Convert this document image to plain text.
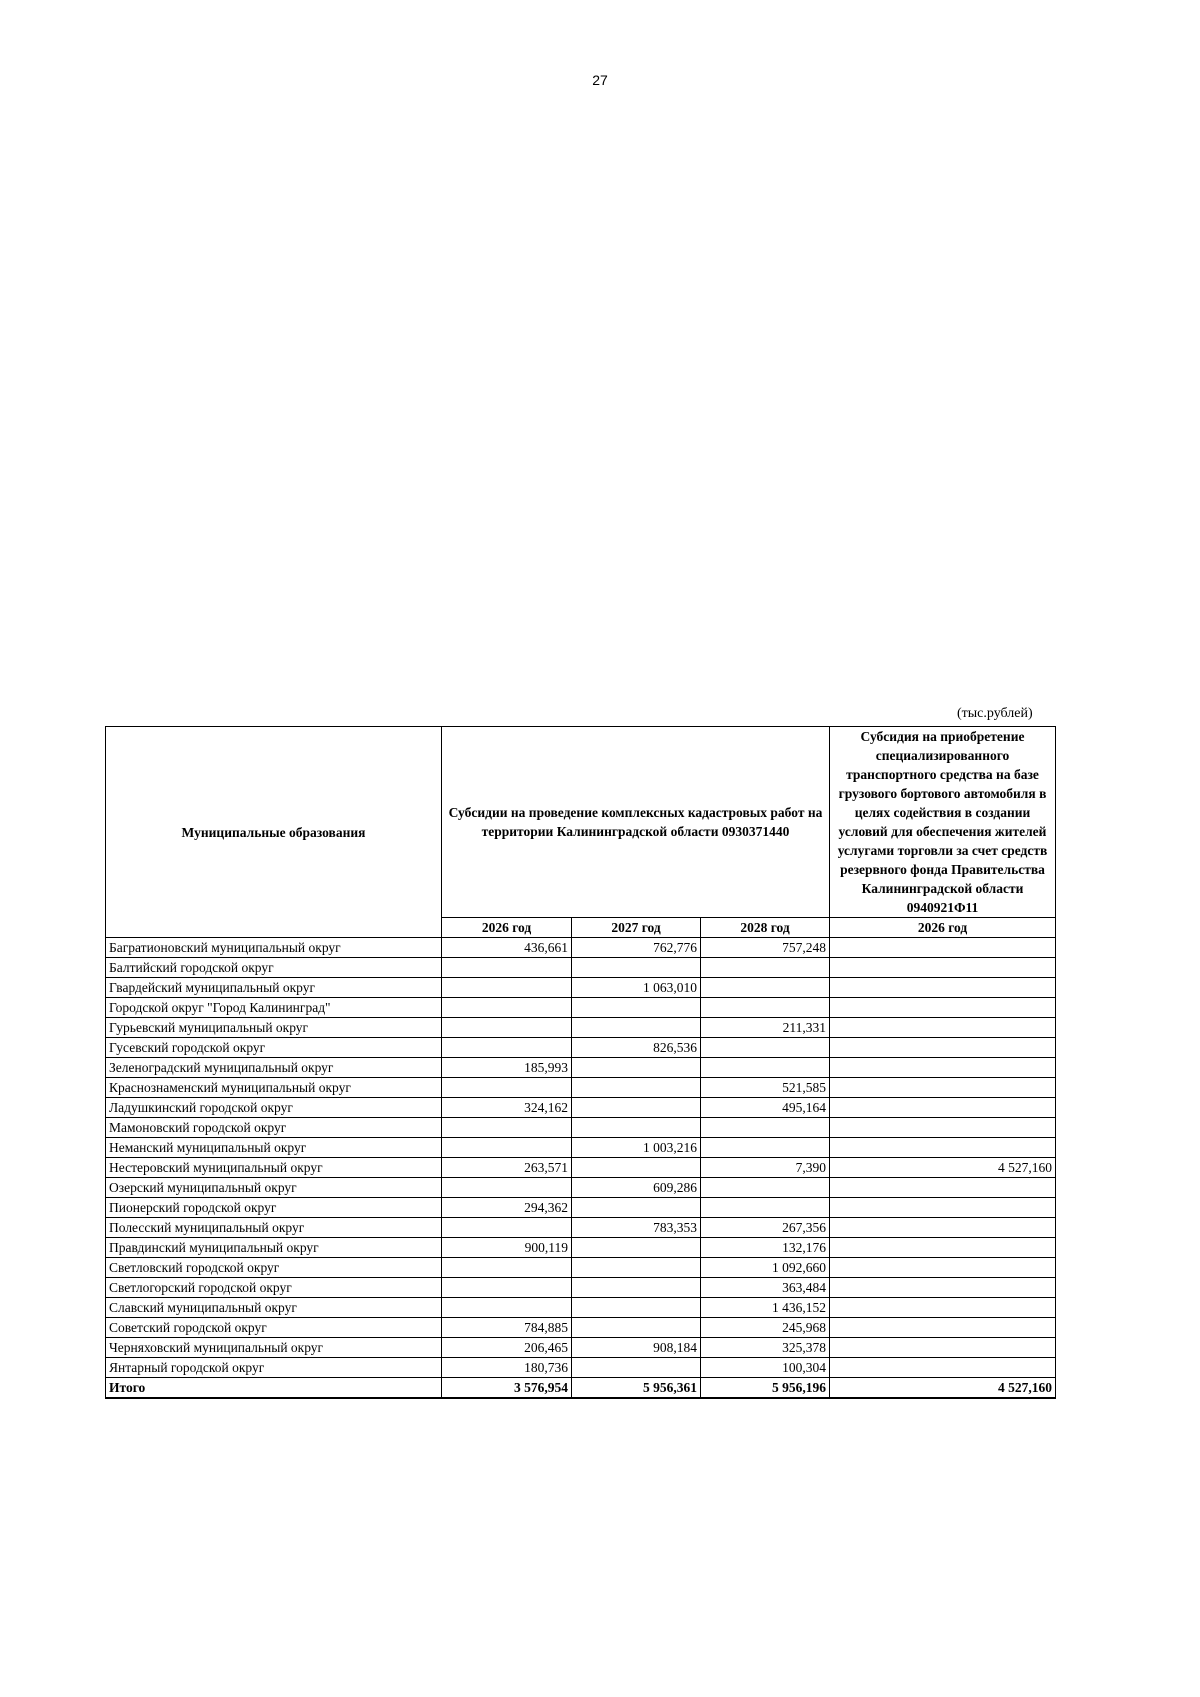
27
(тыс.рублей)
Муниципальные образования	Субсидии на проведение комплексных кадастровых работ на территории Калининградской области 0930371440			Субсидия на приобретение специализированного транспортного средства на базе грузового бортового автомобиля в целях содействия в создании условий для обеспечения жителей услугами торговли за счет средств резервного фонда Правительства Калининградской области 0940921Ф11
	2026 год	2027 год	2028 год	2026 год
Багратионовский муниципальный округ	436,661	762,776	757,248	
Балтийский городской округ				
Гвардейский муниципальный округ		1 063,010		
Городской округ "Город Калининград"				
Гурьевский муниципальный округ			211,331	
Гусевский городской округ		826,536		
Зеленоградский муниципальный округ	185,993			
Краснознаменский муниципальный округ			521,585	
Ладушкинский городской округ	324,162		495,164	
Мамоновский городской округ				
Неманский муниципальный округ		1 003,216		
Нестеровский муниципальный округ	263,571		7,390	4 527,160
Озерский муниципальный округ		609,286		
Пионерский городской округ	294,362			
Полесский муниципальный округ		783,353	267,356	
Правдинский муниципальный округ	900,119		132,176	
Светловский городской округ			1 092,660	
Светлогорский городской округ			363,484	
Славский муниципальный округ			1 436,152	
Советский городской округ	784,885		245,968	
Черняховский муниципальный округ	206,465	908,184	325,378	
Янтарный городской округ	180,736		100,304	
Итого	3 576,954	5 956,361	5 956,196	4 527,160
